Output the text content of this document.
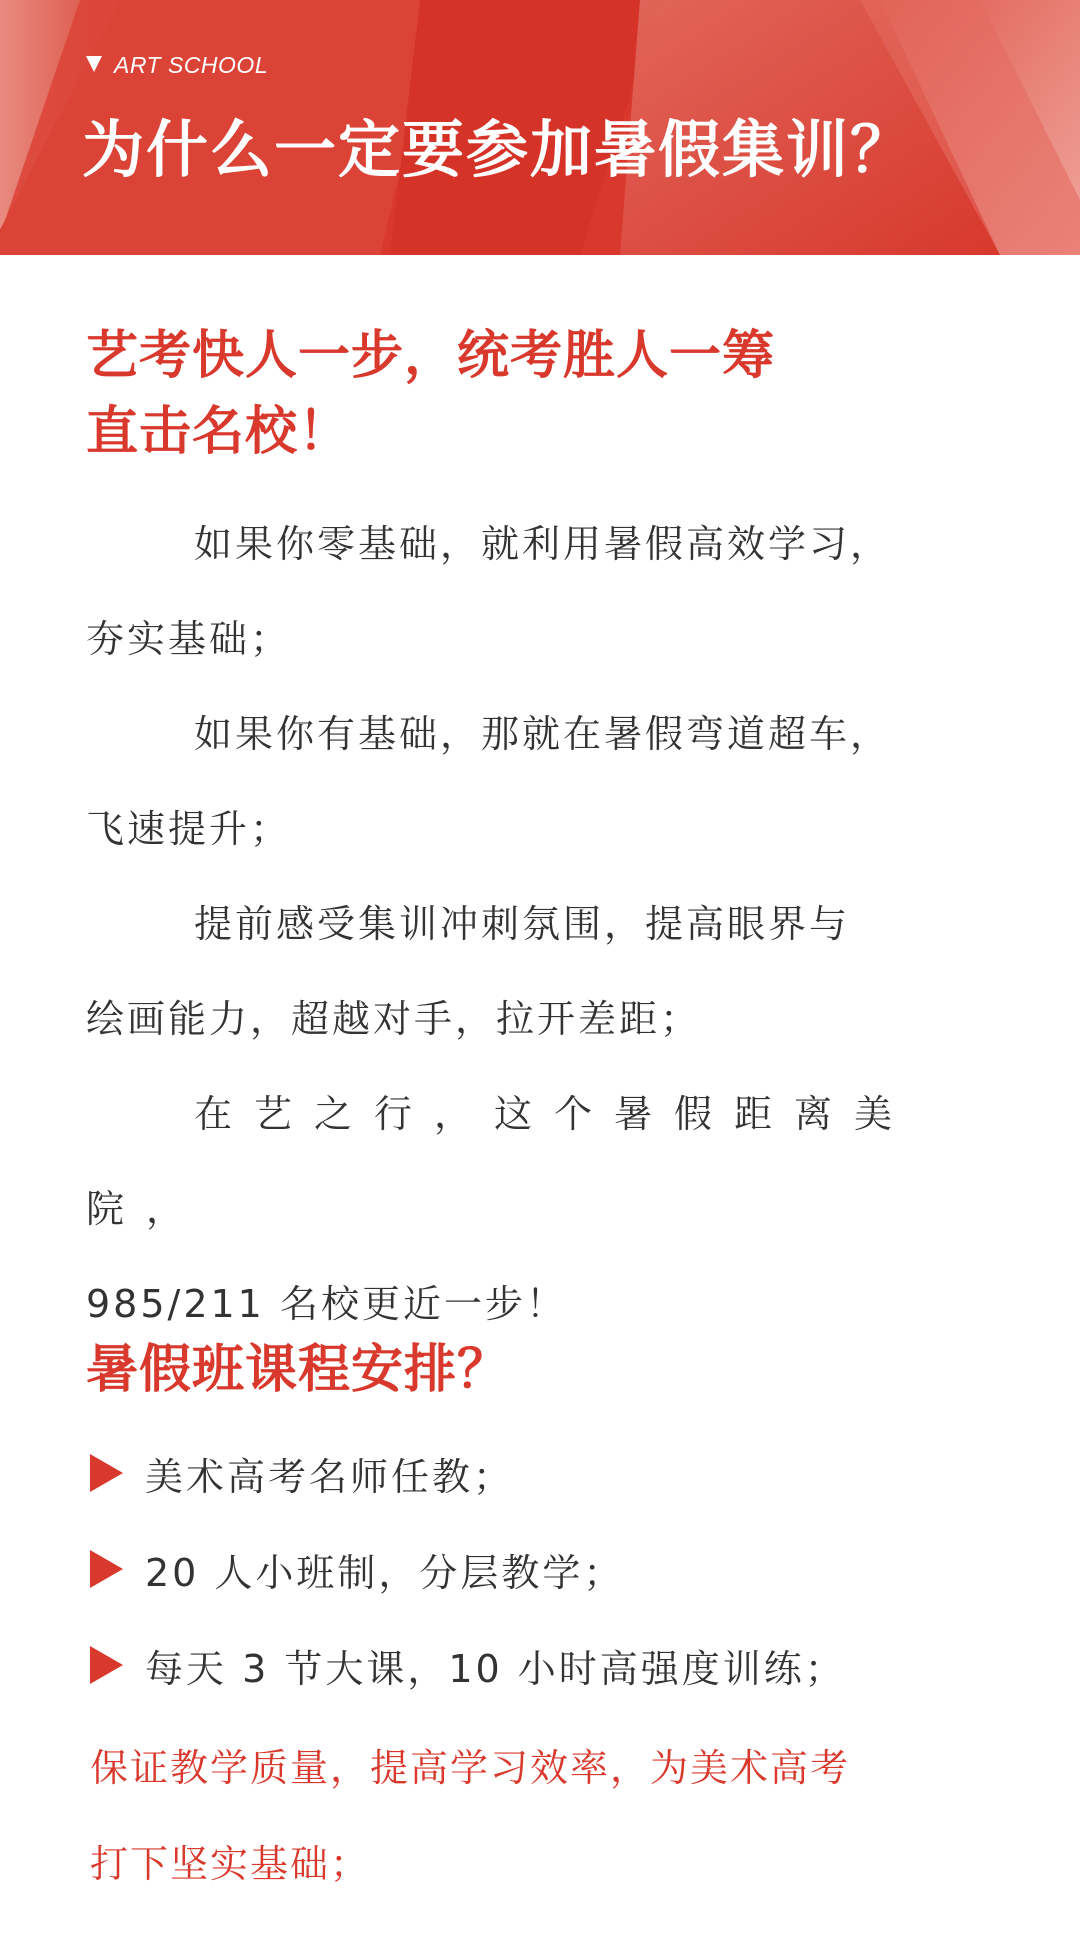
ART SCHOOL
为什么一定要参加暑假集训？
艺考快人一步，统考胜人一筹
直击名校！

如果你零基础，就利用暑假高效学习，
夯实基础；

如果你有基础，那就在暑假弯道超车，
飞速提升；

提前感受集训冲刺氛围，提高眼界与
绘画能力，超越对手，拉开差距；

在艺之行，这个暑假距离美院，
985/211 名校更近一步！

暑假班课程安排？
美术高考名师任教；
20 人小班制，分层教学；
每天 3 节大课，10 小时高强度训练；

保证教学质量，提高学习效率，为美术高考
打下坚实基础；
